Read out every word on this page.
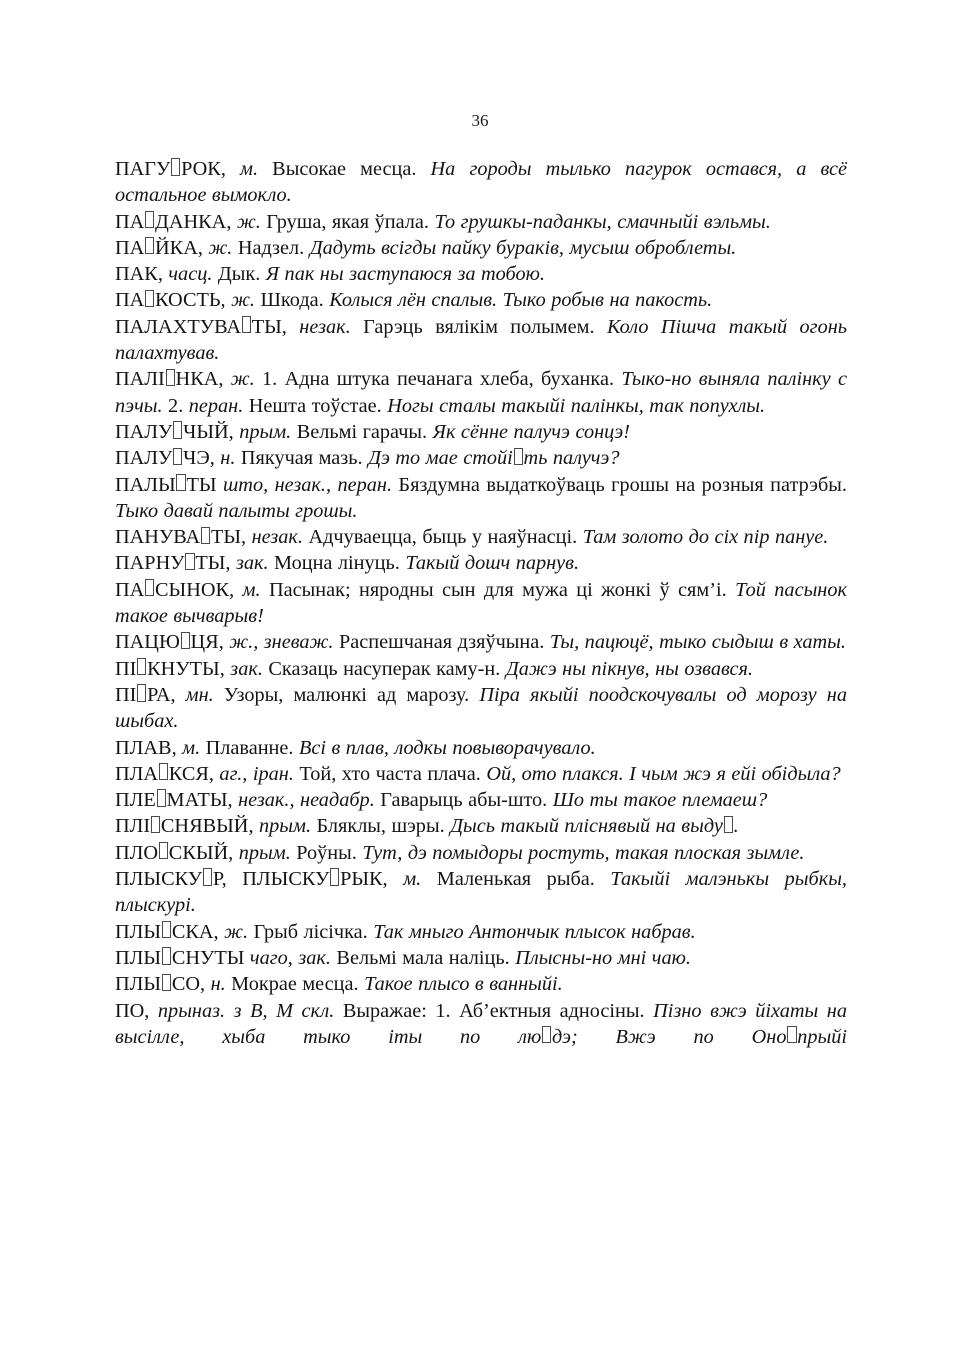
36

ПАГУ РОК, м. Высокае месца. На городы тылько пагурок остався, а всё остальное вымокло.

ПА ДАНКА, ж. Груша, якая ўпала. То грушкы-паданкы, смачныйі вэльмы.

ПА ЙКА, ж. Надзел. Дадуть всігды пайку бураків, мусыш оброблеты.

ПАК, часц. Дык. Я пак ны заступаюся за тобою.

ПА КОСТЬ, ж. Шкода. Колыся лён спалыв. Тыко робыв на пакость.

ПАЛАХТУВА ТЫ, незак. Гарэць вялікім полымем. Коло Пішча такый огонь палахтував.

ПАЛІ НКА, ж. 1. Адна штука печанага хлеба, буханка. Тыко-но выняла палінку с пэчы. 2. перан. Нешта тоўстае. Ногы сталы такыйі палінкы, так попухлы.

ПАЛУ ЧЫЙ, прым. Вельмі гарачы. Як сённе палучэ сонцэ!

ПАЛУ ЧЭ, н. Пякучая мазь. Дэ то мае стойі ть палучэ?

ПАЛЫ ТЫ што, незак., перан. Бяздумна выдаткоўваць грошы на розныя патрэбы. Тыко давай палыты грошы.

ПАНУВА ТЫ, незак. Адчуваецца, быць у наяўнасці. Там золото до сіх пір пануе.

ПАРНУ ТЫ, зак. Моцна лінуць. Такый дошч парнув.

ПА СЫНОК, м. Пасынак; няродны сын для мужа ці жонкі ў сям’і. Той пасынок такое вычварыв!

ПАЦЮ ЦЯ, ж., зневаж. Распешчаная дзяўчына. Ты, пацюцё, тыко сыдыш в хаты.

ПІ КНУТЫ, зак. Сказаць насуперак каму-н. Дажэ ны пікнув, ны озвався.

ПІ РА, мн. Узоры, малюнкі ад марозу. Піра якыйі поодскочувалы од морозу на шыбах.

ПЛАВ, м. Плаванне. Всі в плав, лодкы повыворачувало.

ПЛА КСЯ, аг., іран. Той, хто часта плача. Ой, ото плакся. І чым жэ я ейі обідыла?

ПЛЕ МАТЫ, незак., неадабр. Гаварыць абы-што. Шо ты такое племаеш?

ПЛІ СНЯВЫЙ, прым. Бляклы, шэры. Дысь такый пліснявый на выду .

ПЛО СКЫЙ, прым. Роўны. Тут, дэ помыдоры ростуть, такая плоская зымле.

ПЛЫСКУ Р, ПЛЫСКУ РЫК, м. Маленькая рыба. Такыйі малэнькы рыбкы, плыскурі.

ПЛЫ СКА, ж. Грыб лісічка. Так мныго Антончык плысок набрав.

ПЛЫ СНУТЫ чаго, зак. Вельмі мала наліць. Плысны-но мні чаю.

ПЛЫ СО, н. Мокрае месца. Такое плысо в ванныйі.

ПО, прыназ. з В, М скл. Выражае: 1. Аб’ектныя адносіны. Пізно вжэ йіхаты на высілле, хыба тыко іты по лю дэ; Вжэ по Оно прыйі
